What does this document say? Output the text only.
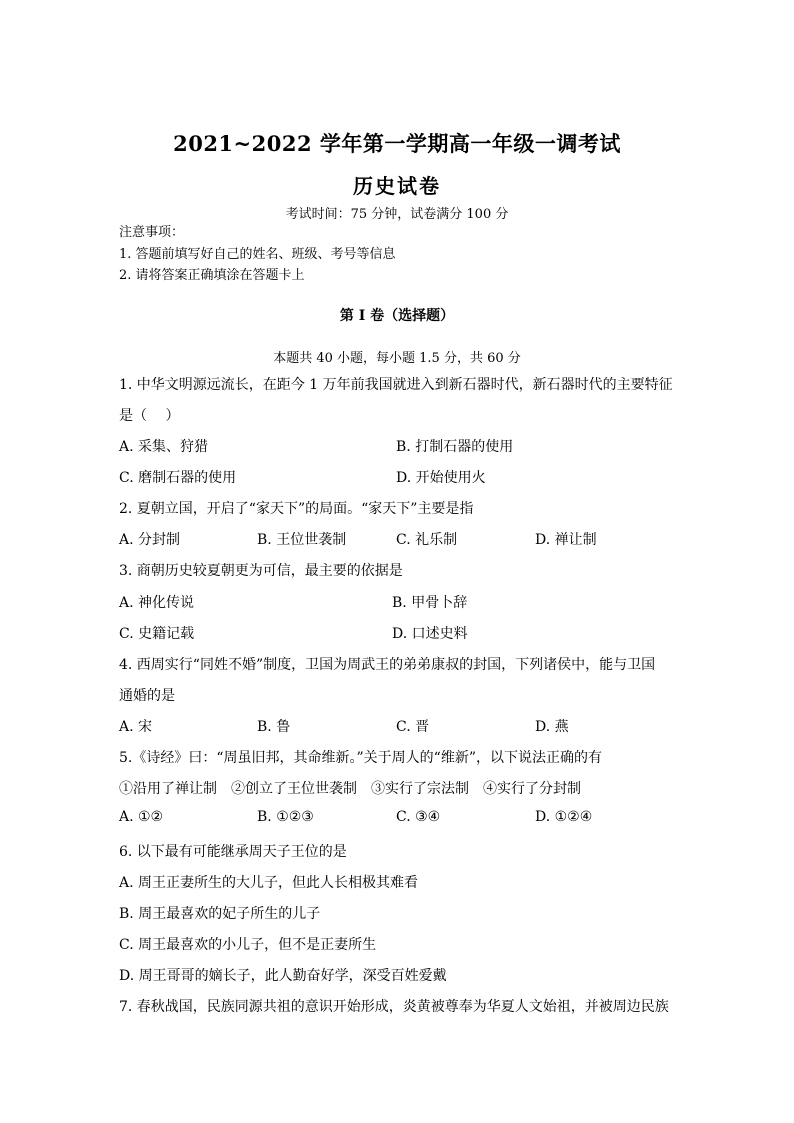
2021~2022 学年第一学期高一年级一调考试
历史试卷
考试时间：75 分钟，试卷满分 100 分
注意事项：
1. 答题前填写好自己的姓名、班级、考号等信息
2. 请将答案正确填涂在答题卡上
第 I 卷（选择题）
本题共 40 小题，每小题 1.5 分，共 60 分
1. 中华文明源远流长，在距今 1 万年前我国就进入到新石器时代，新石器时代的主要特征
是（　 ）
A. 采集、狩猎	B. 打制石器的使用
C. 磨制石器的使用	D. 开始使用火
2. 夏朝立国，开启了“家天下”的局面。“家天下”主要是指
A. 分封制	B. 王位世袭制	C. 礼乐制	D. 禅让制
3. 商朝历史较夏朝更为可信，最主要的依据是
A. 神化传说	B. 甲骨卜辞
C. 史籍记载	D. 口述史料
4. 西周实行“同姓不婚”制度，卫国为周武王的弟弟康叔的封国，下列诸侯中，能与卫国
通婚的是
A. 宋	B. 鲁	C. 晋	D. 燕
5.《诗经》曰：“周虽旧邦，其命维新。”关于周人的“维新”，以下说法正确的有
①沿用了禅让制　②创立了王位世袭制　③实行了宗法制　④实行了分封制
A. ①②	B. ①②③	C. ③④	D. ①②④
6. 以下最有可能继承周天子王位的是
A. 周王正妻所生的大儿子，但此人长相极其难看
B. 周王最喜欢的妃子所生的儿子
C. 周王最喜欢的小儿子，但不是正妻所生
D. 周王哥哥的嫡长子，此人勤奋好学，深受百姓爱戴
7. 春秋战国，民族同源共祖的意识开始形成，炎黄被尊奉为华夏人文始祖，并被周边民族
